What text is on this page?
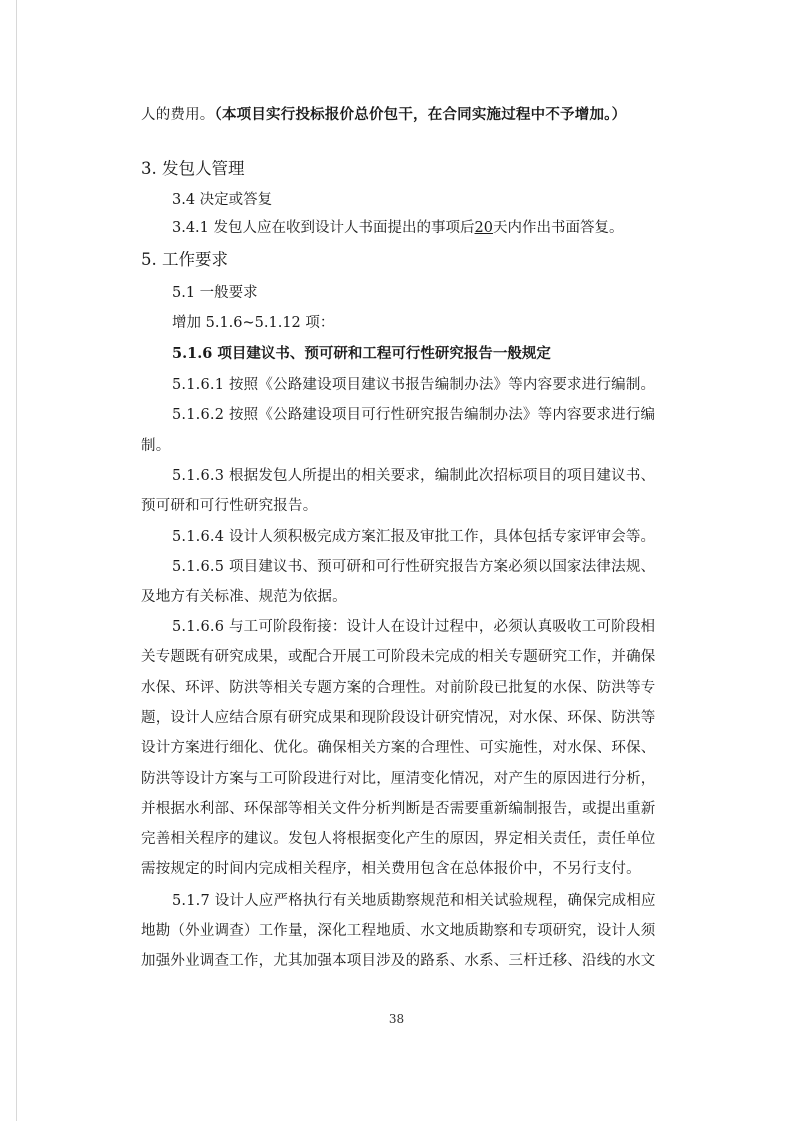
人的费用。（本项目实行投标报价总价包干，在合同实施过程中不予增加。）
3. 发包人管理
3.4 决定或答复
3.4.1 发包人应在收到设计人书面提出的事项后20天内作出书面答复。
5. 工作要求
5.1 一般要求
增加 5.1.6~5.1.12 项：
5.1.6 项目建议书、预可研和工程可行性研究报告一般规定
5.1.6.1 按照《公路建设项目建议书报告编制办法》等内容要求进行编制。
5.1.6.2 按照《公路建设项目可行性研究报告编制办法》等内容要求进行编
制。
5.1.6.3 根据发包人所提出的相关要求，编制此次招标项目的项目建议书、
预可研和可行性研究报告。
5.1.6.4 设计人须积极完成方案汇报及审批工作，具体包括专家评审会等。
5.1.6.5 项目建议书、预可研和可行性研究报告方案必须以国家法律法规、
及地方有关标准、规范为依据。
5.1.6.6 与工可阶段衔接：设计人在设计过程中，必须认真吸收工可阶段相
关专题既有研究成果，或配合开展工可阶段未完成的相关专题研究工作，并确保
水保、环评、防洪等相关专题方案的合理性。对前阶段已批复的水保、防洪等专
题，设计人应结合原有研究成果和现阶段设计研究情况，对水保、环保、防洪等
设计方案进行细化、优化。确保相关方案的合理性、可实施性，对水保、环保、
防洪等设计方案与工可阶段进行对比，厘清变化情况，对产生的原因进行分析，
并根据水利部、环保部等相关文件分析判断是否需要重新编制报告，或提出重新
完善相关程序的建议。发包人将根据变化产生的原因，界定相关责任，责任单位
需按规定的时间内完成相关程序，相关费用包含在总体报价中，不另行支付。
5.1.7 设计人应严格执行有关地质勘察规范和相关试验规程，确保完成相应
地勘（外业调查）工作量，深化工程地质、水文地质勘察和专项研究，设计人须
加强外业调查工作，尤其加强本项目涉及的路系、水系、三杆迁移、沿线的水文
38
